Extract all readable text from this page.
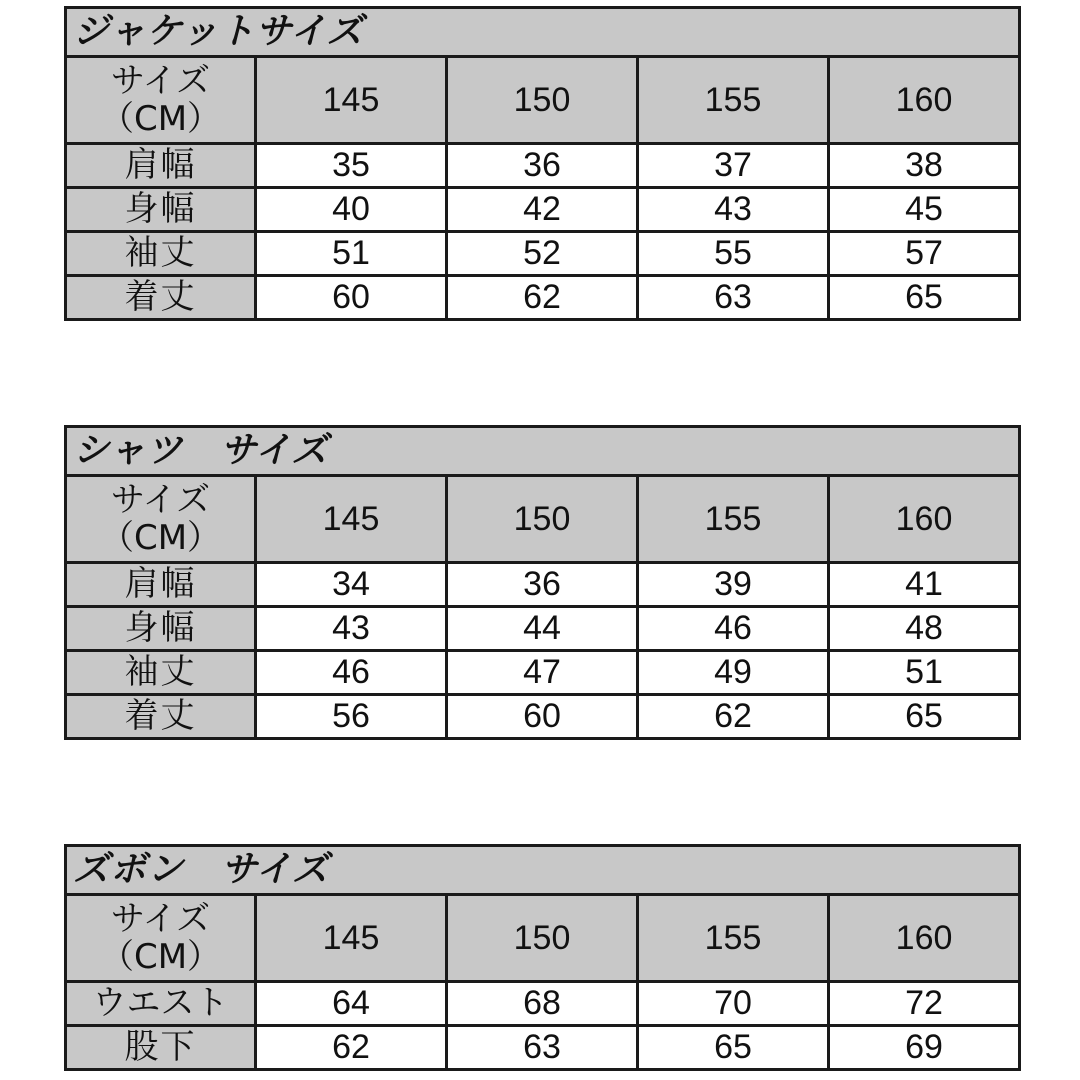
ジャケットサイズ				

サイズ
（CM）	145	150	155	160
肩幅	35	36	37	38
身幅	40	42	43	45
袖丈	51	52	55	57
着丈	60	62	63	65
シャツ　サイズ				

サイズ
（CM）	145	150	155	160
肩幅	34	36	39	41
身幅	43	44	46	48
袖丈	46	47	49	51
着丈	56	60	62	65
ズボン　サイズ				

サイズ
（CM）	145	150	155	160
ウエスト	64	68	70	72
股下	62	63	65	69
